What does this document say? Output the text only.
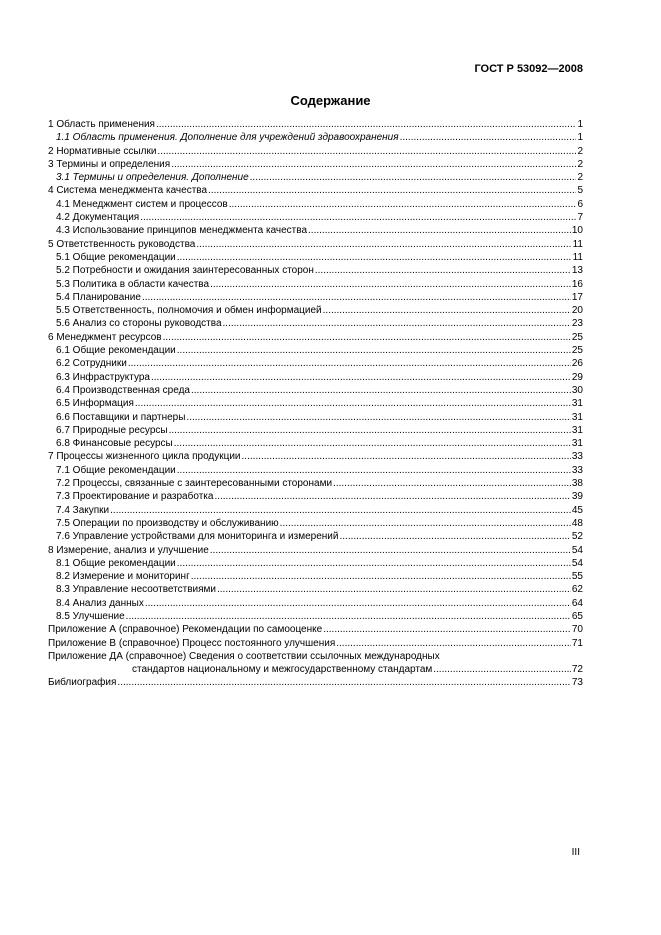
ГОСТ Р 53092—2008
Содержание
1 Область применения .....	1
1.1 Область применения. Дополнение для учреждений здравоохранения .....	1
2 Нормативные ссылки .....	2
3 Термины и определения .....	2
3.1 Термины и определения. Дополнение .....	2
4 Система менеджмента качества .....	5
4.1 Менеджмент систем и процессов .....	6
4.2 Документация .....	7
4.3 Использование принципов менеджмента качества .....	10
5 Ответственность руководства .....	11
5.1 Общие рекомендации .....	11
5.2 Потребности и ожидания заинтересованных сторон .....	13
5.3 Политика в области качества .....	16
5.4 Планирование .....	17
5.5 Ответственность, полномочия и обмен информацией .....	20
5.6 Анализ со стороны руководства .....	23
6 Менеджмент ресурсов .....	25
6.1 Общие рекомендации .....	25
6.2 Сотрудники .....	26
6.3 Инфраструктура .....	29
6.4 Производственная среда .....	30
6.5 Информация .....	31
6.6 Поставщики и партнеры .....	31
6.7 Природные ресурсы .....	31
6.8 Финансовые ресурсы .....	31
7 Процессы жизненного цикла продукции .....	33
7.1 Общие рекомендации .....	33
7.2 Процессы, связанные с заинтересованными сторонами .....	38
7.3 Проектирование и разработка .....	39
7.4 Закупки .....	45
7.5 Операции по производству и обслуживанию .....	48
7.6 Управление устройствами для мониторинга и измерений .....	52
8 Измерение, анализ и улучшение .....	54
8.1 Общие рекомендации .....	54
8.2 Измерение и мониторинг .....	55
8.3 Управление несоответствиями .....	62
8.4 Анализ данных .....	64
8.5 Улучшение .....	65
Приложение А (справочное) Рекомендации по самооценке .....	70
Приложение В (справочное) Процесс постоянного улучшения .....	71
Приложение ДА (справочное) Сведения о соответствии ссылочных международных
стандартов национальному и межгосударственному стандартам .....	72
Библиография .....	73
III
